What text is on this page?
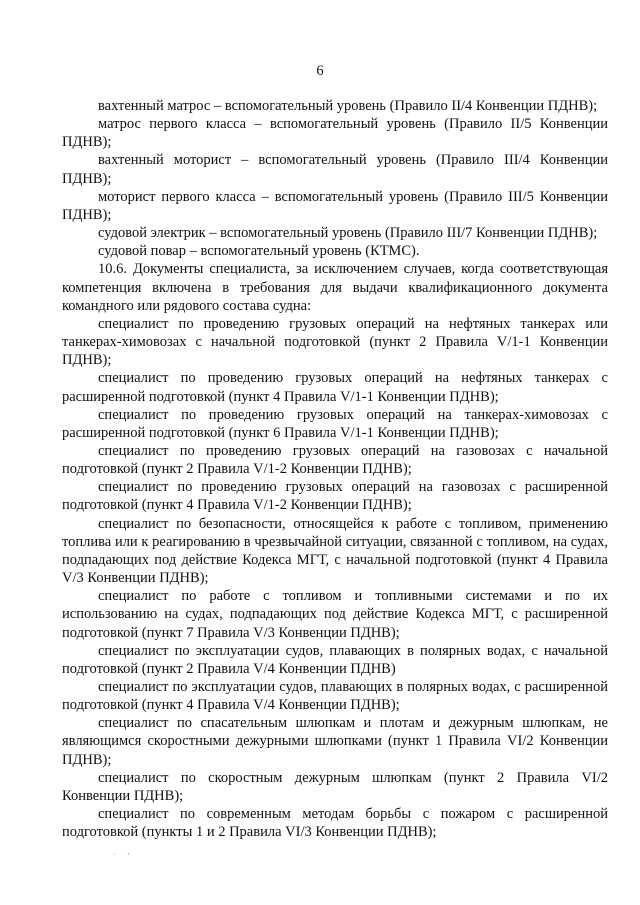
6

вахтенный матрос – вспомогательный уровень (Правило II/4 Конвенции ПДНВ);

матрос первого класса – вспомогательный уровень (Правило II/5 Конвенции ПДНВ);

вахтенный моторист – вспомогательный уровень (Правило III/4 Конвенции ПДНВ);

моторист первого класса – вспомогательный уровень (Правило III/5 Конвенции ПДНВ);

судовой электрик – вспомогательный уровень (Правило III/7 Конвенции ПДНВ);

судовой повар – вспомогательный уровень (КТМС).

10.6. Документы специалиста, за исключением случаев, когда соответствующая компетенция включена в требования для выдачи квалификационного документа командного или рядового состава судна:

специалист по проведению грузовых операций на нефтяных танкерах или танкерах-химовозах с начальной подготовкой (пункт 2 Правила V/1-1 Конвенции ПДНВ);

специалист по проведению грузовых операций на нефтяных танкерах с расширенной подготовкой (пункт 4 Правила V/1-1 Конвенции ПДНВ);

специалист по проведению грузовых операций на танкерах-химовозах с расширенной подготовкой (пункт 6 Правила V/1-1 Конвенции ПДНВ);

специалист по проведению грузовых операций на газовозах с начальной подготовкой (пункт 2 Правила V/1-2 Конвенции ПДНВ);

специалист по проведению грузовых операций на газовозах с расширенной подготовкой (пункт 4 Правила V/1-2 Конвенции ПДНВ);

специалист по безопасности, относящейся к работе с топливом, применению топлива или к реагированию в чрезвычайной ситуации, связанной с топливом, на судах, подпадающих под действие Кодекса МГТ, с начальной подготовкой (пункт 4 Правила V/3 Конвенции ПДНВ);

специалист по работе с топливом и топливными системами и по их использованию на судах, подпадающих под действие Кодекса МГТ, с расширенной подготовкой (пункт 7 Правила V/3 Конвенции ПДНВ);

специалист по эксплуатации судов, плавающих в полярных водах, с начальной подготовкой (пункт 2 Правила V/4 Конвенции ПДНВ)

специалист по эксплуатации судов, плавающих в полярных водах, с расширенной подготовкой (пункт 4 Правила V/4 Конвенции ПДНВ);

специалист по спасательным шлюпкам и плотам и дежурным шлюпкам, не являющимся скоростными дежурными шлюпками (пункт 1 Правила VI/2 Конвенции ПДНВ);

специалист по скоростным дежурным шлюпкам (пункт 2 Правила VI/2 Конвенции ПДНВ);

специалист по современным методам борьбы с пожаром с расширенной подготовкой (пункты 1 и 2 Правила VI/3 Конвенции ПДНВ);

˙ ·
